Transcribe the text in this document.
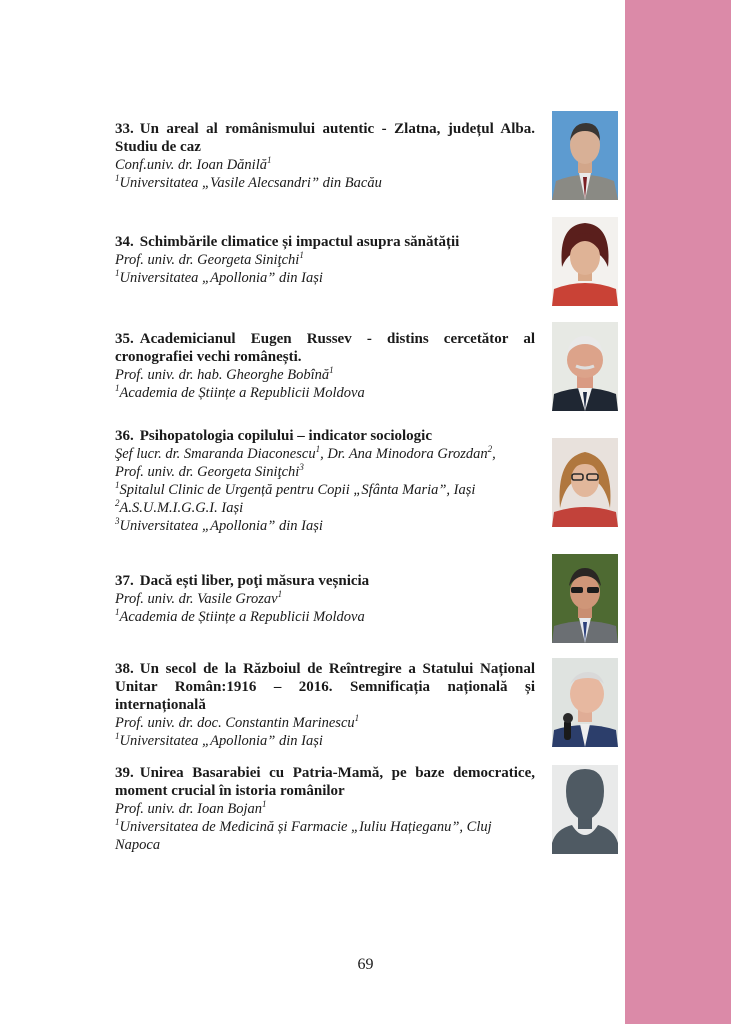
33. Un areal al românismului autentic - Zlatna, județul Alba. Studiu de caz

Conf.univ. dr. Ioan Dănilă$^1$

$^1$Universitatea „Vasile Alecsandri” din Bacău

34. Schimbările climatice și impactul asupra sănătății

Prof. univ. dr. Georgeta Siniţchi$^1$

$^1$Universitatea „Apollonia” din Iași

35. Academicianul Eugen Russev - distins cercetător al cronografiei vechi românești.

Prof. univ. dr. hab. Gheorghe Bobînă$^1$

$^1$Academia de Științe a Republicii Moldova

36. Psihopatologia copilului – indicator sociologic

Şef lucr. dr. Smaranda Diaconescu$^1$, Dr. Ana Minodora Grozdan$^2$,

Prof. univ. dr. Georgeta Siniţchi$^3$

$^1$Spitalul Clinic de Urgență pentru Copii „Sfânta Maria”, Iași

$^2$A.S.U.M.I.G.G.I. Iași

$^3$Universitatea „Apollonia” din Iași

37. Dacă ești liber, poţi măsura veșnicia

Prof. univ. dr. Vasile Grozav$^1$

$^1$Academia de Științe a Republicii Moldova

38. Un secol de la Războiul de Reîntregire a Statului Național Unitar Român:1916 – 2016. Semnificația națională și internațională

Prof. univ. dr. doc. Constantin Marinescu$^1$

$^1$Universitatea „Apollonia” din Iași

39. Unirea Basarabiei cu Patria-Mamă, pe baze democratice, moment crucial în istoria românilor

Prof. univ. dr. Ioan Bojan$^1$

$^1$Universitatea de Medicină și Farmacie „Iuliu Hațieganu”, Cluj Napoca

69
